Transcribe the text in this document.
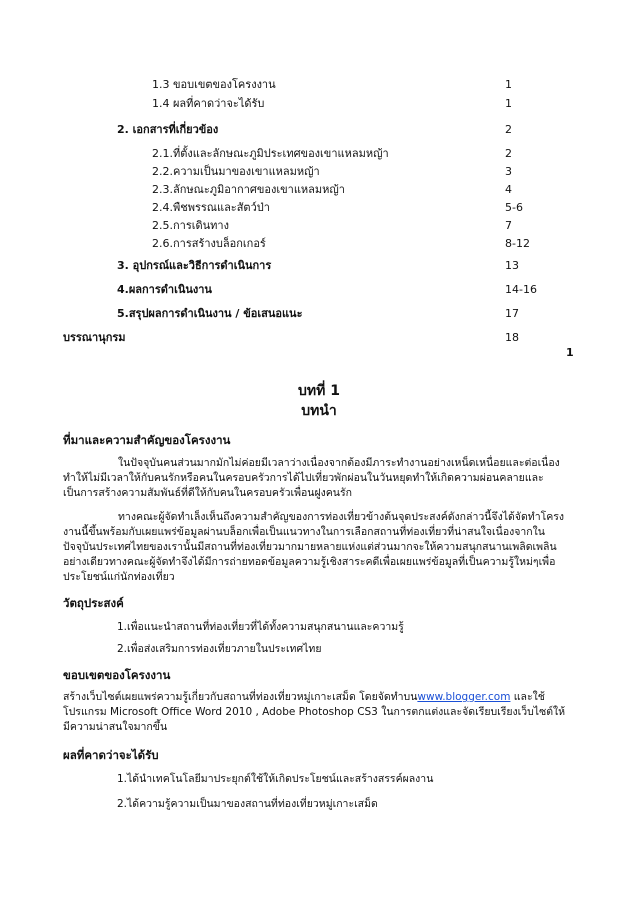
1.3 ขอบเขตของโครงงาน	1
1.4 ผลที่คาดว่าจะได้รับ	1
2. เอกสารที่เกี่ยวข้อง	2
2.1.ที่ตั้งและลักษณะภูมิประเทศของเขาแหลมหญ้า	2
2.2.ความเป็นมาของเขาแหลมหญ้า	3
2.3.ลักษณะภูมิอากาศของเขาแหลมหญ้า	4
2.4.พืชพรรณและสัตว์ป่า	5-6
2.5.การเดินทาง	7
2.6.การสร้างบล็อกเกอร์	8-12
3. อุปกรณ์และวิธีการดำเนินการ	13
4.ผลการดำเนินงาน	14-16
5.สรุปผลการดำเนินงาน / ข้อเสนอแนะ	17
บรรณานุกรม	18
1
บทที่ 1
บทนำ
ที่มาและความสำคัญของโครงงาน

ในปัจจุบันคนส่วนมากมักไม่ค่อยมีเวลาว่างเนื่องจากต้องมีภาระทำงานอย่างเหน็ดเหนื่อยและต่อเนื่องทำให้ไม่มีเวลาให้กับคนรักหรือคนในครอบครัวการได้ไปเที่ยวพักผ่อนในวันหยุดทำให้เกิดความผ่อนคลายและเป็นการสร้างความสัมพันธ์ที่ดีให้กับคนในครอบครัวเพื่อนฝูงคนรัก

ทางคณะผู้จัดทำเล็งเห็นถึงความสำคัญของการท่องเที่ยวข้างต้นจุดประสงค์ดังกล่าวนี้จึงได้จัดทำโครงงานนี้ขึ้นพร้อมกับเผยแพร่ข้อมูลผ่านบล็อกเพื่อเป็นแนวทางในการเลือกสถานที่ท่องเที่ยวที่น่าสนใจเนื่องจากในปัจจุบันประเทศไทยของเรานั้นมีสถานที่ท่องเที่ยวมากมายหลายแห่งแต่ส่วนมากจะให้ความสนุกสนานเพลิดเพลินอย่างเดียวทางคณะผู้จัดทำจึงได้มีการถ่ายทอดข้อมูลความรู้เชิงสาระคดีเพื่อเผยแพร่ข้อมูลที่เป็นความรู้ใหม่ๆเพื่อประโยชน์แก่นักท่องเที่ยว

วัตถุประสงค์
1.เพื่อแนะนำสถานที่ท่องเที่ยวที่ได้ทั้งความสนุกสนานและความรู้
2.เพื่อส่งเสริมการท่องเที่ยวภายในประเทศไทย
ขอบเขตของโครงงาน

สร้างเว็บไซต์เผยแพร่ความรู้เกี่ยวกับสถานที่ท่องเที่ยวหมู่เกาะเสม็ด โดยจัดทำบนwww.blogger.com และใช้โปรแกรม Microsoft Office Word 2010 , Adobe Photoshop CS3 ในการตกแต่งและจัดเรียบเรียงเว็บไซต์ให้มีความน่าสนใจมากขึ้น

ผลที่คาดว่าจะได้รับ
1.ได้นำเทคโนโลยีมาประยุกต์ใช้ให้เกิดประโยชน์และสร้างสรรค์ผลงาน
2.ได้ความรู้ความเป็นมาของสถานที่ท่องเที่ยวหมู่เกาะเสม็ด
